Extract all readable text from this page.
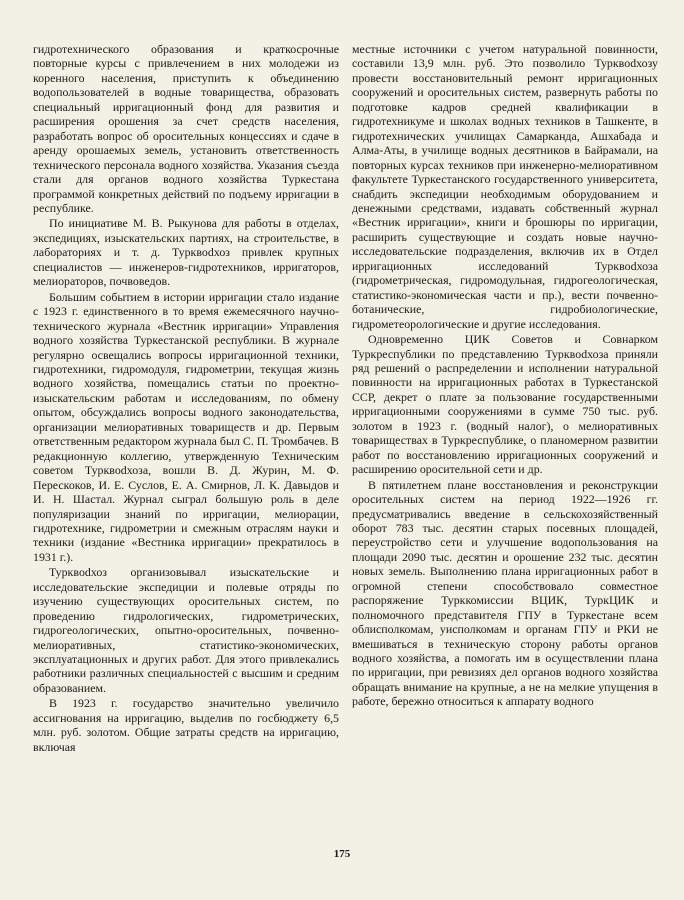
гидротехнического образования и краткосрочные повторные курсы с привлечением в них молодежи из коренного населения, приступить к объединению водопользователей в водные товарищества, образовать специальный ирригационный фонд для развития и расширения орошения за счет средств населения, разработать вопрос об оросительных концессиях и сдаче в аренду орошаемых земель, установить ответственность технического персонала водного хозяйства. Указания съезда стали для органов водного хозяйства Туркестана программой конкретных действий по подъему ирригации в республике.

По инициативе М. В. Рыкунова для работы в отделах, экспедициях, изыскательских партиях, на строительстве, в лабораториях и т. д. Турквodхоз привлек крупных специалистов — инженеров-гидротехников, ирригаторов, мелиораторов, почвоведов.

Большим событием в истории ирригации стало издание с 1923 г. единственного в то время ежемесячного научно-технического журнала «Вестник ирригации» Управления водного хозяйства Туркестанской республики. В журнале регулярно освещались вопросы ирригационной техники, гидротехники, гидромодуля, гидрометрии, текущая жизнь водного хозяйства, помещались статьи по проектно-изыскательским работам и исследованиям, по обмену опытом, обсуждались вопросы водного законодательства, организации мелиоративных товариществ и др. Первым ответственным редактором журнала был С. П. Тромбачев. В редакционную коллегию, утвержденную Техническим советом Турквodхоза, вошли В. Д. Журин, М. Ф. Перескоков, И. Е. Суслов, Е. А. Смирнов, Л. К. Давыдов и И. Н. Шастал. Журнал сыграл большую роль в деле популяризации знаний по ирригации, мелиорации, гидротехнике, гидрометрии и смежным отраслям науки и техники (издание «Вестника ирригации» прекратилось в 1931 г.).

Турквodхоз организовывал изыскательские и исследовательские экспедиции и полевые отряды по изучению существующих оросительных систем, по проведению гидрологических, гидрометрических, гидрогеологических, опытно-оросительных, почвенно-мелиоративных, статистико-экономических, эксплуатационных и других работ. Для этого привлекались работники различных специальностей с высшим и средним образованием.

В 1923 г. государство значительно увеличило ассигнования на ирригацию, выделив по госбюджету 6,5 млн. руб. золотом. Общие затраты средств на ирригацию, включая

местные источники с учетом натуральной повинности, составили 13,9 млн. руб. Это позволило Турквodхозу провести восстановительный ремонт ирригационных сооружений и оросительных систем, развернуть работы по подготовке кадров средней квалификации в гидротехникуме и школах водных техников в Ташкенте, в гидротехнических училищах Самарканда, Ашхабада и Алма-Аты, в училище водных десятников в Байрамали, на повторных курсах техников при инженерно-мелиоративном факультете Туркестанского государственного университета, снабдить экспедиции необходимым оборудованием и денежными средствами, издавать собственный журнал «Вестник ирригации», книги и брошюры по ирригации, расширить существующие и создать новые научно-исследовательские подразделения, включив их в Отдел ирригационных исследований Турквodхоза (гидрометрическая, гидромодульная, гидрогеологическая, статистико-экономическая части и пр.), вести почвенно-ботанические, гидробиологические, гидрометеорологические и другие исследования.

Одновременно ЦИК Советов и Совнарком Туркреспублики по представлению Турквodхоза приняли ряд решений о распределении и исполнении натуральной повинности на ирригационных работах в Туркестанской ССР, декрет о плате за пользование государственными ирригационными сооружениями в сумме 750 тыс. руб. золотом в 1923 г. (водный налог), о мелиоративных товариществах в Туркреспублике, о планомерном развитии работ по восстановлению ирригационных сооружений и расширению оросительной сети и др.

В пятилетнем плане восстановления и реконструкции оросительных систем на период 1922—1926 гг. предусматривались введение в сельскохозяйственный оборот 783 тыс. десятин старых посевных площадей, переустройство сети и улучшение водопользования на площади 2090 тыс. десятин и орошение 232 тыс. десятин новых земель. Выполнению плана ирригационных работ в огромной степени способствовало совместное распоряжение Турккомиссии ВЦИК, ТуркЦИК и полномочного представителя ГПУ в Туркестане всем облисполкомам, уисполкомам и органам ГПУ и РКИ не вмешиваться в техническую сторону работы органов водного хозяйства, а помогать им в осуществлении плана по ирригации, при ревизиях дел органов водного хозяйства обращать внимание на крупные, а не на мелкие упущения в работе, бережно относиться к аппарату водного

175
